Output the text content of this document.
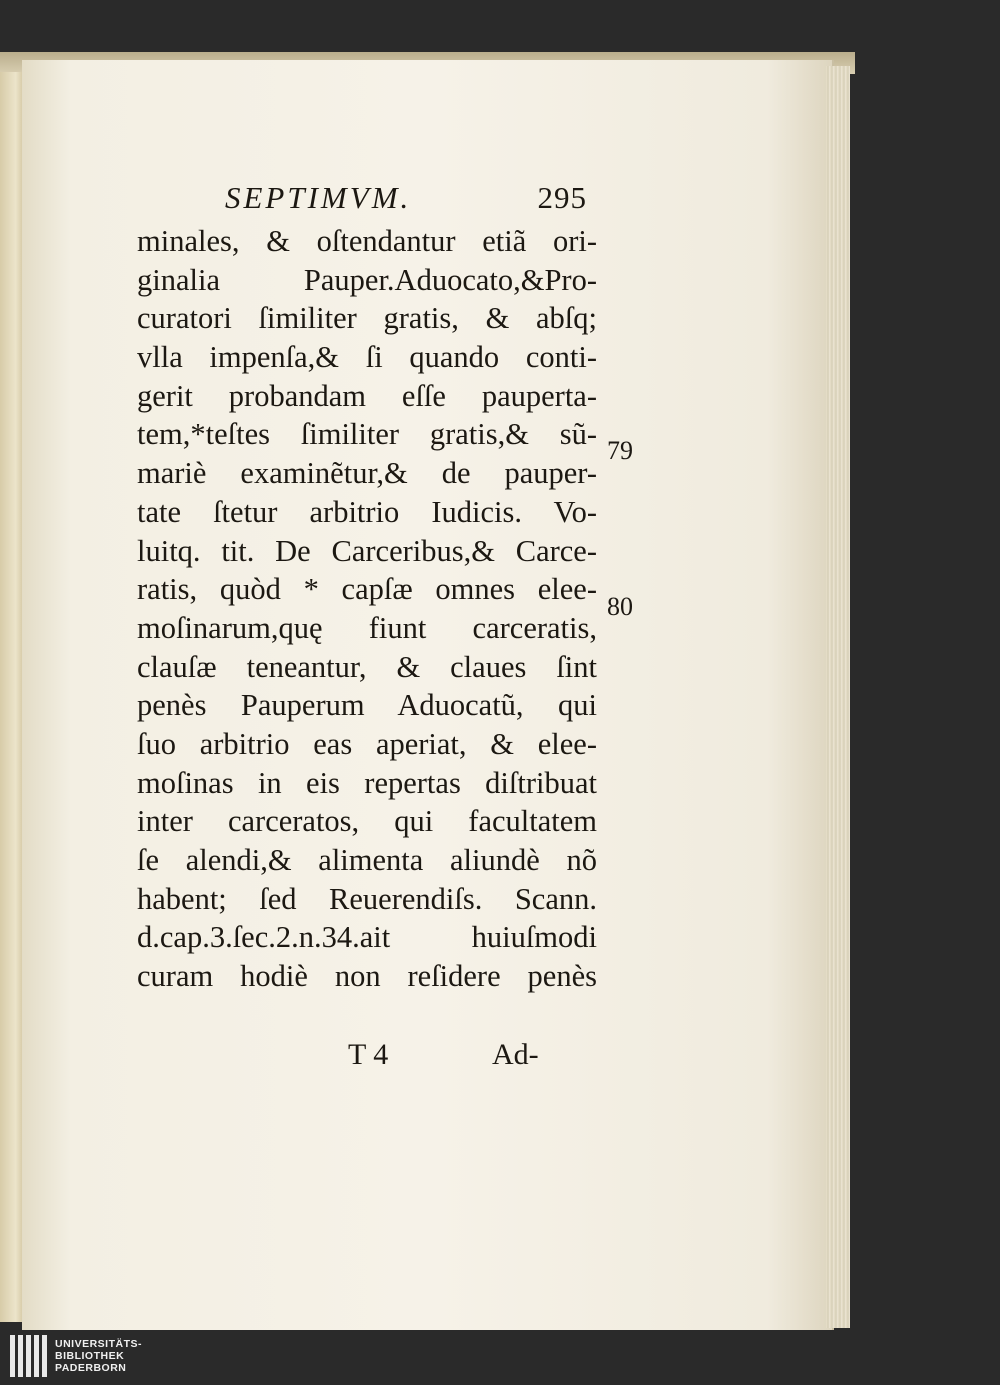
SEPTIMVM.	295
minales, & oſtendantur etiã ori-
ginalia Pauper.Aduocato,&Pro-
curatori ſimiliter gratis, & abſq;
vlla impenſa,& ſi quando conti-
gerit probandam eſſe paupertа-
tem,*teſtes ſimiliter gratis,& sũ-
mariè examinẽtur,& de pauper-
tate ſtetur arbitrio Iudicis. Vo-
luitq. tit. De Carceribus,& Carce-
ratis, quòd * capſæ omnes elee-
moſinarum,quę fiunt carceratis,
clauſæ teneantur, & claues ſint
penès Pauperum Aduocatũ, qui
ſuo arbitrio eas aperiat, & elee-
moſinas in eis repertas diſtribuat
inter carceratos, qui facultatem
ſe alendi,& alimenta aliundè nõ
habent; ſed Reuerendiſs. Scann.
d.cap.3.ſec.2.n.34.ait huiuſmodi
curam hodiè non reſidere penès
79
80
T 4	Ad-
UNIVERSITÄTS-
BIBLIOTHEK
PADERBORN
